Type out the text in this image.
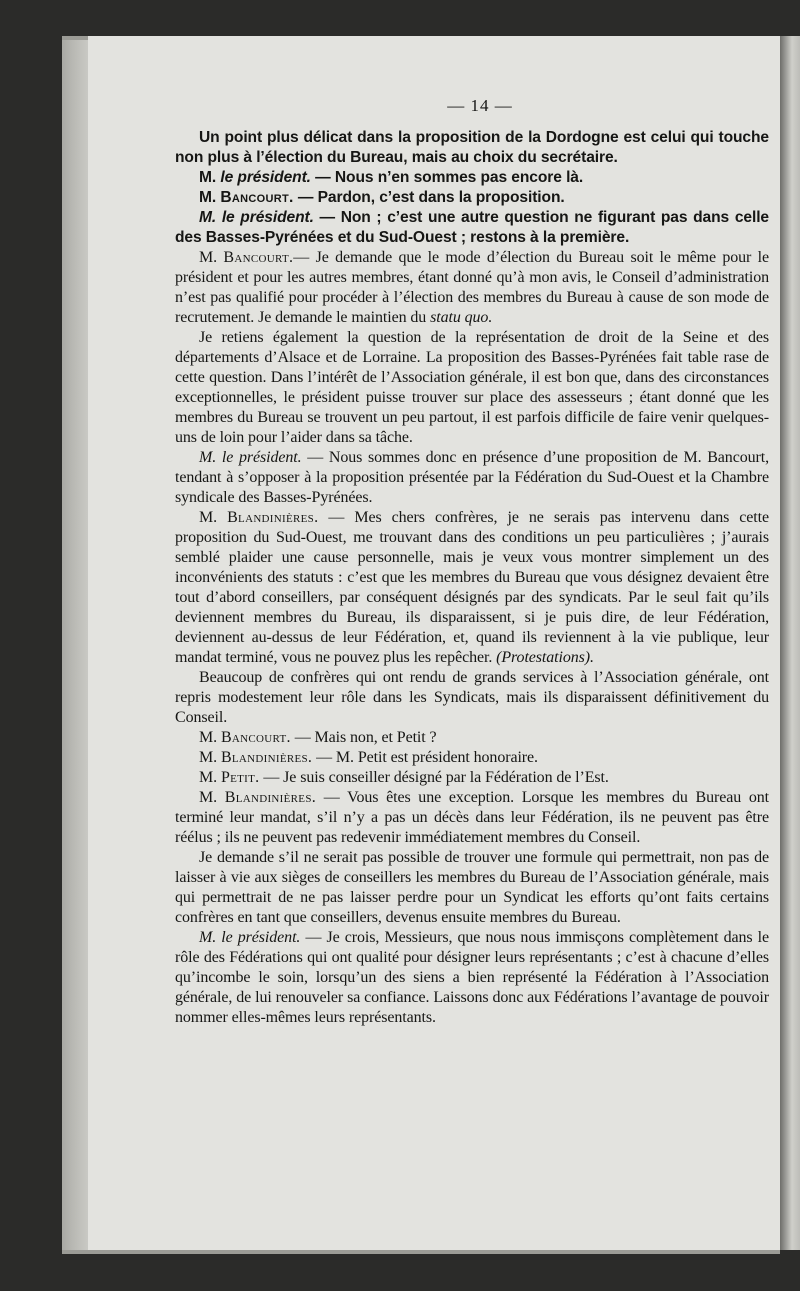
— 14 —

Un point plus délicat dans la proposition de la Dordogne est celui qui touche non plus à l’élection du Bureau, mais au choix du secrétaire.

M. le président. — Nous n’en sommes pas encore là.

M. Bancourt. — Pardon, c’est dans la proposition.

M. le président. — Non ; c’est une autre question ne figurant pas dans celle des Basses-Pyrénées et du Sud-Ouest ; restons à la première.

M. Bancourt.— Je demande que le mode d’élection du Bureau soit le même pour le président et pour les autres membres, étant donné qu’à mon avis, le Conseil d’administration n’est pas qualifié pour procéder à l’élection des membres du Bureau à cause de son mode de recrutement. Je demande le maintien du statu quo.

Je retiens également la question de la représentation de droit de la Seine et des départements d’Alsace et de Lorraine. La proposition des Basses-Pyrénées fait table rase de cette question. Dans l’intérêt de l’Association générale, il est bon que, dans des circonstances exceptionnelles, le président puisse trouver sur place des assesseurs ; étant donné que les membres du Bureau se trouvent un peu partout, il est parfois difficile de faire venir quelques-uns de loin pour l’aider dans sa tâche.

M. le président. — Nous sommes donc en présence d’une proposition de M. Bancourt, tendant à s’opposer à la proposition présentée par la Fédération du Sud-Ouest et la Chambre syndicale des Basses-Pyrénées.

M. Blandinières. — Mes chers confrères, je ne serais pas intervenu dans cette proposition du Sud-Ouest, me trouvant dans des conditions un peu particulières ; j’aurais semblé plaider une cause personnelle, mais je veux vous montrer simplement un des inconvénients des statuts : c’est que les membres du Bureau que vous désignez devaient être tout d’abord conseillers, par conséquent désignés par des syndicats. Par le seul fait qu’ils deviennent membres du Bureau, ils disparaissent, si je puis dire, de leur Fédération, deviennent au-dessus de leur Fédération, et, quand ils reviennent à la vie publique, leur mandat terminé, vous ne pouvez plus les repêcher. (Protestations).

Beaucoup de confrères qui ont rendu de grands services à l’Association générale, ont repris modestement leur rôle dans les Syndicats, mais ils disparaissent définitivement du Conseil.

M. Bancourt. — Mais non, et Petit ?

M. Blandinières. — M. Petit est président honoraire.

M. Petit. — Je suis conseiller désigné par la Fédération de l’Est.

M. Blandinières. — Vous êtes une exception. Lorsque les membres du Bureau ont terminé leur mandat, s’il n’y a pas un décès dans leur Fédération, ils ne peuvent pas être réélus ; ils ne peuvent pas redevenir immédiatement membres du Conseil.

Je demande s’il ne serait pas possible de trouver une formule qui permettrait, non pas de laisser à vie aux sièges de conseillers les membres du Bureau de l’Association générale, mais qui permettrait de ne pas laisser perdre pour un Syndicat les efforts qu’ont faits certains confrères en tant que conseillers, devenus ensuite membres du Bureau.

M. le président. — Je crois, Messieurs, que nous nous immisçons complètement dans le rôle des Fédérations qui ont qualité pour désigner leurs représentants ; c’est à chacune d’elles qu’incombe le soin, lorsqu’un des siens a bien représenté la Fédération à l’Association générale, de lui renouveler sa confiance. Laissons donc aux Fédérations l’avantage de pouvoir nommer elles-mêmes leurs représentants.
